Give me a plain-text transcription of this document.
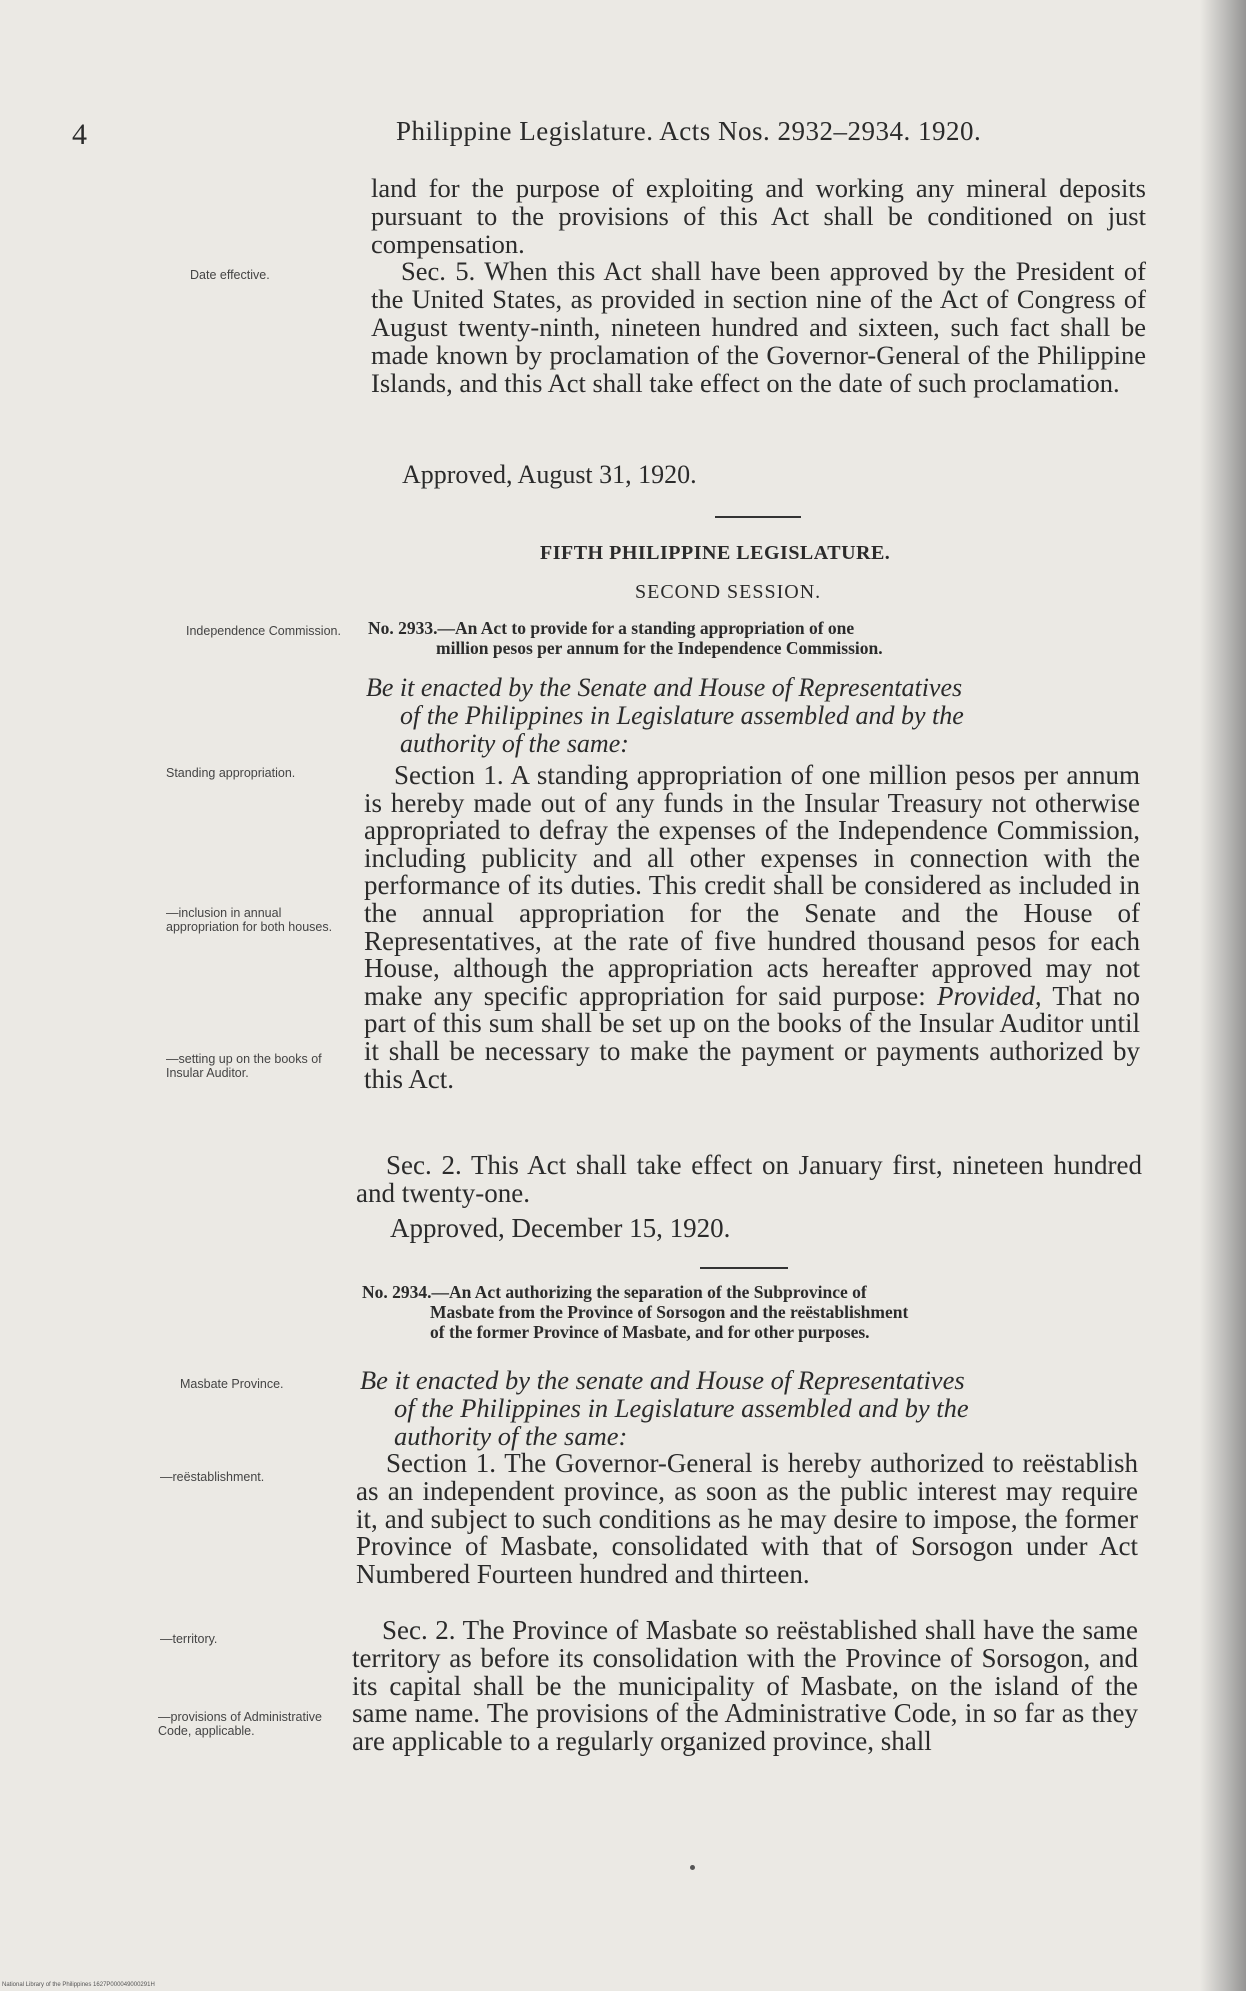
4	Philippine Legislature. Acts Nos. 2932–2934. 1920.

land for the purpose of exploiting and working any mineral deposits pursuant to the provisions of this Act shall be conditioned on just compensation.

Sec. 5. When this Act shall have been approved by the President of the United States, as provided in section nine of the Act of Congress of August twenty-ninth, nineteen hundred and sixteen, such fact shall be made known by proclamation of the Governor-General of the Philippine Islands, and this Act shall take effect on the date of such proclamation.

Date effective.
Approved, August 31, 1920.
FIFTH PHILIPPINE LEGISLATURE.
SECOND SESSION.
Independence Commission.	No. 2933.—An Act to provide for a standing appropriation of one
million pesos per annum for the Independence Commission.
Be it enacted by the Senate and House of Representatives
of the Philippines in Legislature assembled and by the
authority of the same:
Standing appropriation.
—inclusion in annual appropriation for both houses.
—setting up on the books of Insular Auditor.

Section 1. A standing appropriation of one million pesos per annum is hereby made out of any funds in the Insular Treasury not otherwise appropriated to defray the expenses of the Independence Commission, including publicity and all other expenses in connection with the performance of its duties. This credit shall be considered as included in the annual appropriation for the Senate and the House of Representatives, at the rate of five hundred thousand pesos for each House, although the appropriation acts hereafter approved may not make any specific appropriation for said purpose: Provided, That no part of this sum shall be set up on the books of the Insular Auditor until it shall be necessary to make the payment or payments authorized by this Act.

Sec. 2. This Act shall take effect on January first, nineteen hundred and twenty-one.

Approved, December 15, 1920.
No. 2934.—An Act authorizing the separation of the Subprovince of
Masbate from the Province of Sorsogon and the reëstablishment
of the former Province of Masbate, and for other purposes.
Masbate Province.	Be it enacted by the senate and House of Representatives
of the Philippines in Legislature assembled and by the
authority of the same:
—reëstablishment.	Section 1. The Governor-General is hereby authorized to reëstablish as an independent province, as soon as the public interest may require it, and subject to such conditions as he may desire to impose, the former Province of Masbate, consolidated with that of Sorsogon under Act Numbered Fourteen hundred and thirteen.

—territory.
—provisions of Administrative Code, applicable.

Sec. 2. The Province of Masbate so reëstablished shall have the same territory as before its consolidation with the Province of Sorsogon, and its capital shall be the municipality of Masbate, on the island of the same name. The provisions of the Administrative Code, in so far as they are applicable to a regularly organized province, shall

National Library of the Philippines 1627P000049000291H
